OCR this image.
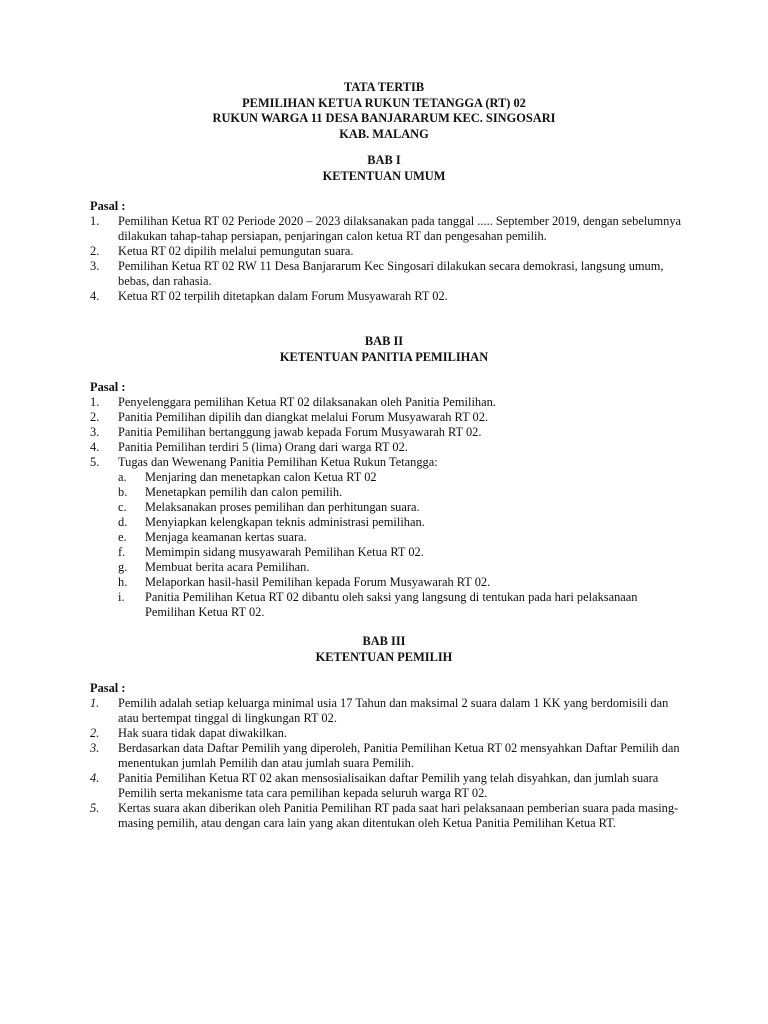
TATA TERTIB
PEMILIHAN KETUA RUKUN TETANGGA (RT) 02
RUKUN WARGA 11 DESA BANJARARUM KEC. SINGOSARI
KAB. MALANG
BAB I
KETENTUAN UMUM
Pasal :
1. Pemilihan Ketua RT 02 Periode 2020 – 2023 dilaksanakan pada tanggal ..... September 2019, dengan sebelumnya dilakukan tahap-tahap persiapan, penjaringan calon ketua RT dan pengesahan pemilih.
2. Ketua RT 02 dipilih melalui pemungutan suara.
3. Pemilihan Ketua RT 02 RW 11 Desa Banjararum Kec Singosari dilakukan secara demokrasi, langsung umum, bebas, dan rahasia.
4. Ketua RT 02 terpilih ditetapkan dalam Forum Musyawarah RT 02.
BAB II
KETENTUAN PANITIA PEMILIHAN
Pasal :
1. Penyelenggara pemilihan Ketua RT 02 dilaksanakan oleh Panitia Pemilihan.
2. Panitia Pemilihan dipilih dan diangkat melalui Forum Musyawarah RT 02.
3. Panitia Pemilihan bertanggung jawab kepada Forum Musyawarah RT 02.
4. Panitia Pemilihan terdiri 5 (lima) Orang dari warga RT 02.
5. Tugas dan Wewenang Panitia Pemilihan Ketua Rukun Tetangga:
a. Menjaring dan menetapkan calon Ketua RT 02
b. Menetapkan pemilih dan calon pemilih.
c. Melaksanakan proses pemilihan dan perhitungan suara.
d. Menyiapkan kelengkapan teknis administrasi pemilihan.
e. Menjaga keamanan kertas suara.
f. Memimpin sidang musyawarah Pemilihan Ketua RT 02.
g. Membuat berita acara Pemilihan.
h. Melaporkan hasil-hasil Pemilihan kepada Forum Musyawarah RT 02.
i. Panitia Pemilihan Ketua RT 02 dibantu oleh saksi yang langsung di tentukan pada hari pelaksanaan Pemilihan Ketua RT 02.
BAB III
KETENTUAN PEMILIH
Pasal :
1. Pemilih adalah setiap keluarga minimal usia 17 Tahun dan maksimal 2 suara dalam 1 KK yang berdomisili dan atau bertempat tinggal di lingkungan RT 02.
2. Hak suara tidak dapat diwakilkan.
3. Berdasarkan data Daftar Pemilih yang diperoleh, Panitia Pemilihan Ketua RT 02 mensyahkan Daftar Pemilih dan menentukan jumlah Pemilih dan atau jumlah suara Pemilih.
4. Panitia Pemilihan Ketua RT 02 akan mensosialisaikan daftar Pemilih yang telah disyahkan, dan jumlah suara Pemilih serta mekanisme tata cara pemilihan kepada seluruh warga RT 02.
5. Kertas suara akan diberikan oleh Panitia Pemilihan RT pada saat hari pelaksanaan pemberian suara pada masing-masing pemilih, atau dengan cara lain yang akan ditentukan oleh Ketua Panitia Pemilihan Ketua RT.
